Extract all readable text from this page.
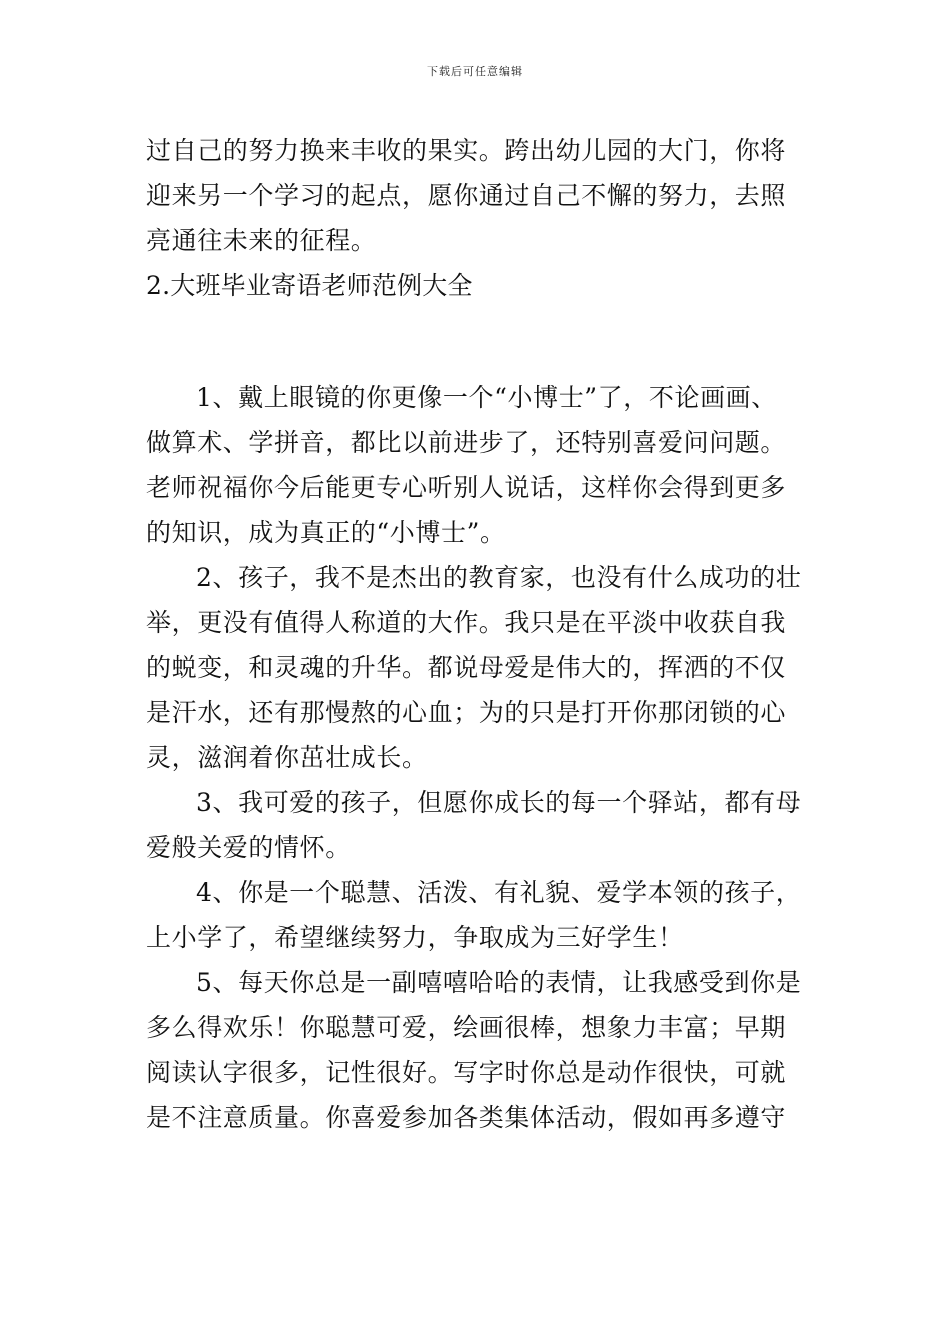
下载后可任意编辑
过自己的努力换来丰收的果实。跨出幼儿园的大门，你将
迎来另一个学习的起点，愿你通过自己不懈的努力，去照
亮通往未来的征程。
2.大班毕业寄语老师范例大全
1、戴上眼镜的你更像一个“小博士”了，不论画画、
做算术、学拼音，都比以前进步了，还特别喜爱问问题。
老师祝福你今后能更专心听别人说话，这样你会得到更多
的知识，成为真正的“小博士”。
2、孩子，我不是杰出的教育家，也没有什么成功的壮
举，更没有值得人称道的大作。我只是在平淡中收获自我
的蜕变，和灵魂的升华。都说母爱是伟大的，挥洒的不仅
是汗水，还有那慢熬的心血；为的只是打开你那闭锁的心
灵，滋润着你茁壮成长。
3、我可爱的孩子，但愿你成长的每一个驿站，都有母
爱般关爱的情怀。
4、你是一个聪慧、活泼、有礼貌、爱学本领的孩子，
上小学了，希望继续努力，争取成为三好学生！
5、每天你总是一副嘻嘻哈哈的表情，让我感受到你是
多么得欢乐！你聪慧可爱，绘画很棒，想象力丰富；早期
阅读认字很多，记性很好。写字时你总是动作很快，可就
是不注意质量。你喜爱参加各类集体活动，假如再多遵守
